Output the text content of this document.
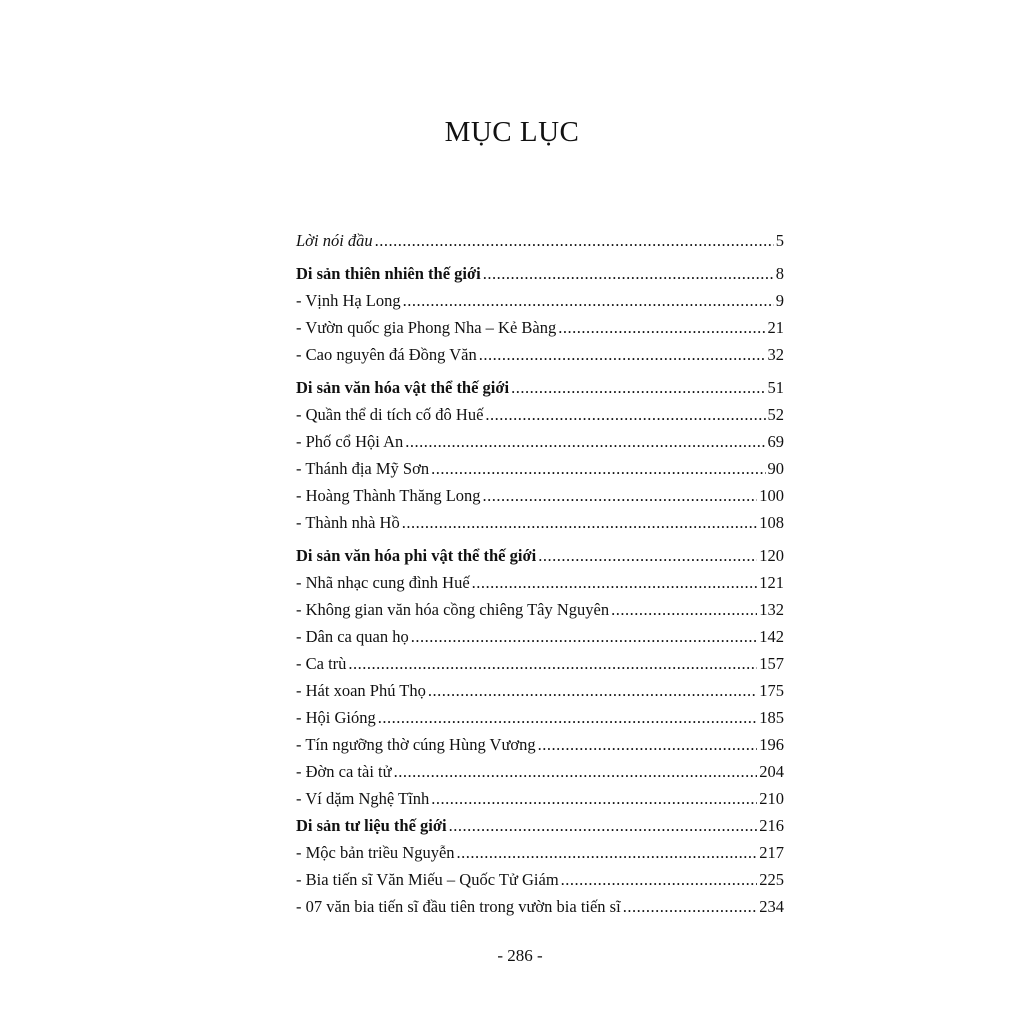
MỤC LỤC
Lời nói đầu .....	5
Di sản thiên nhiên thế giới .....	8
- Vịnh Hạ Long .....	9
- Vườn quốc gia Phong Nha – Kẻ Bàng .....	21
- Cao nguyên đá Đồng Văn .....	32
Di sản văn hóa vật thể thế giới .....	51
- Quần thể di tích cố đô Huế .....	52
- Phố cổ Hội An .....	69
- Thánh địa Mỹ Sơn .....	90
- Hoàng Thành Thăng Long .....	100
- Thành nhà Hồ .....	108
Di sản văn hóa phi vật thể thế giới .....	120
- Nhã nhạc cung đình Huế .....	121
- Không gian văn hóa cồng chiêng Tây Nguyên .....	132
- Dân ca quan họ .....	142
- Ca trù .....	157
- Hát xoan Phú Thọ .....	175
- Hội Gióng .....	185
- Tín ngưỡng thờ cúng Hùng Vương .....	196
- Đờn ca tài tử .....	204
- Ví dặm Nghệ Tĩnh .....	210
Di sản tư liệu thế giới .....	216
- Mộc bản triều Nguyễn .....	217
- Bia tiến sĩ Văn Miếu – Quốc Tử Giám .....	225
- 07 văn bia tiến sĩ đầu tiên trong vườn bia tiến sĩ .....	234
- 286 -
